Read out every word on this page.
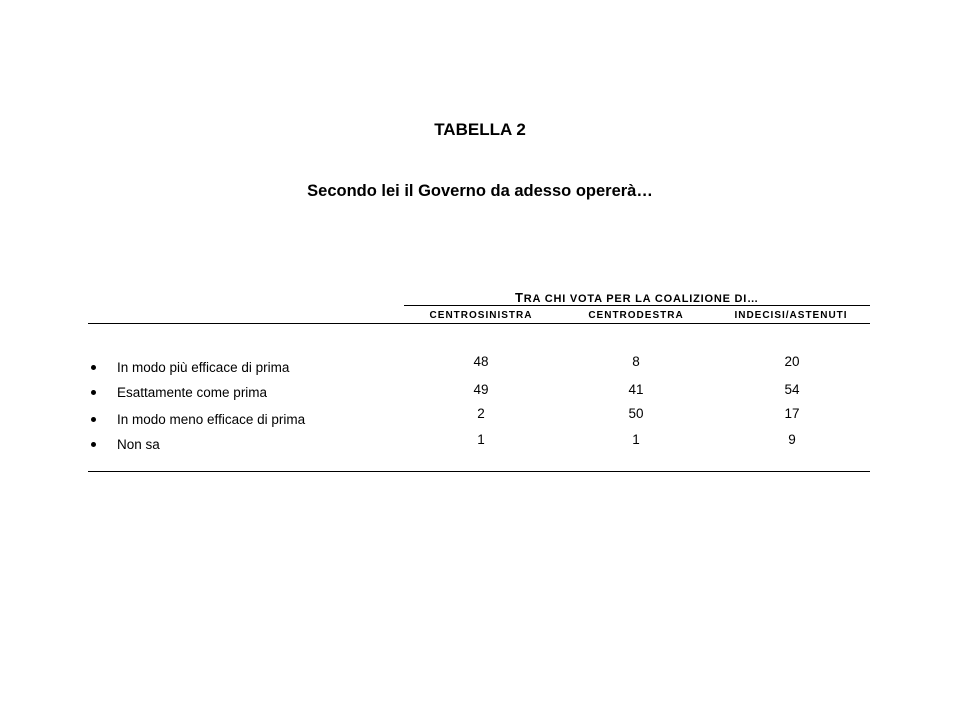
TABELLA 2
Secondo lei il Governo da adesso opererà…
TRA CHI VOTA PER LA COALIZIONE DI…
CENTROSINISTRA	CENTRODESTRA	INDECISI/ASTENUTI
In modo più efficace di prima	48	8	20
Esattamente come prima	49	41	54
In modo meno efficace di prima	2	50	17
Non sa	1	1	9
